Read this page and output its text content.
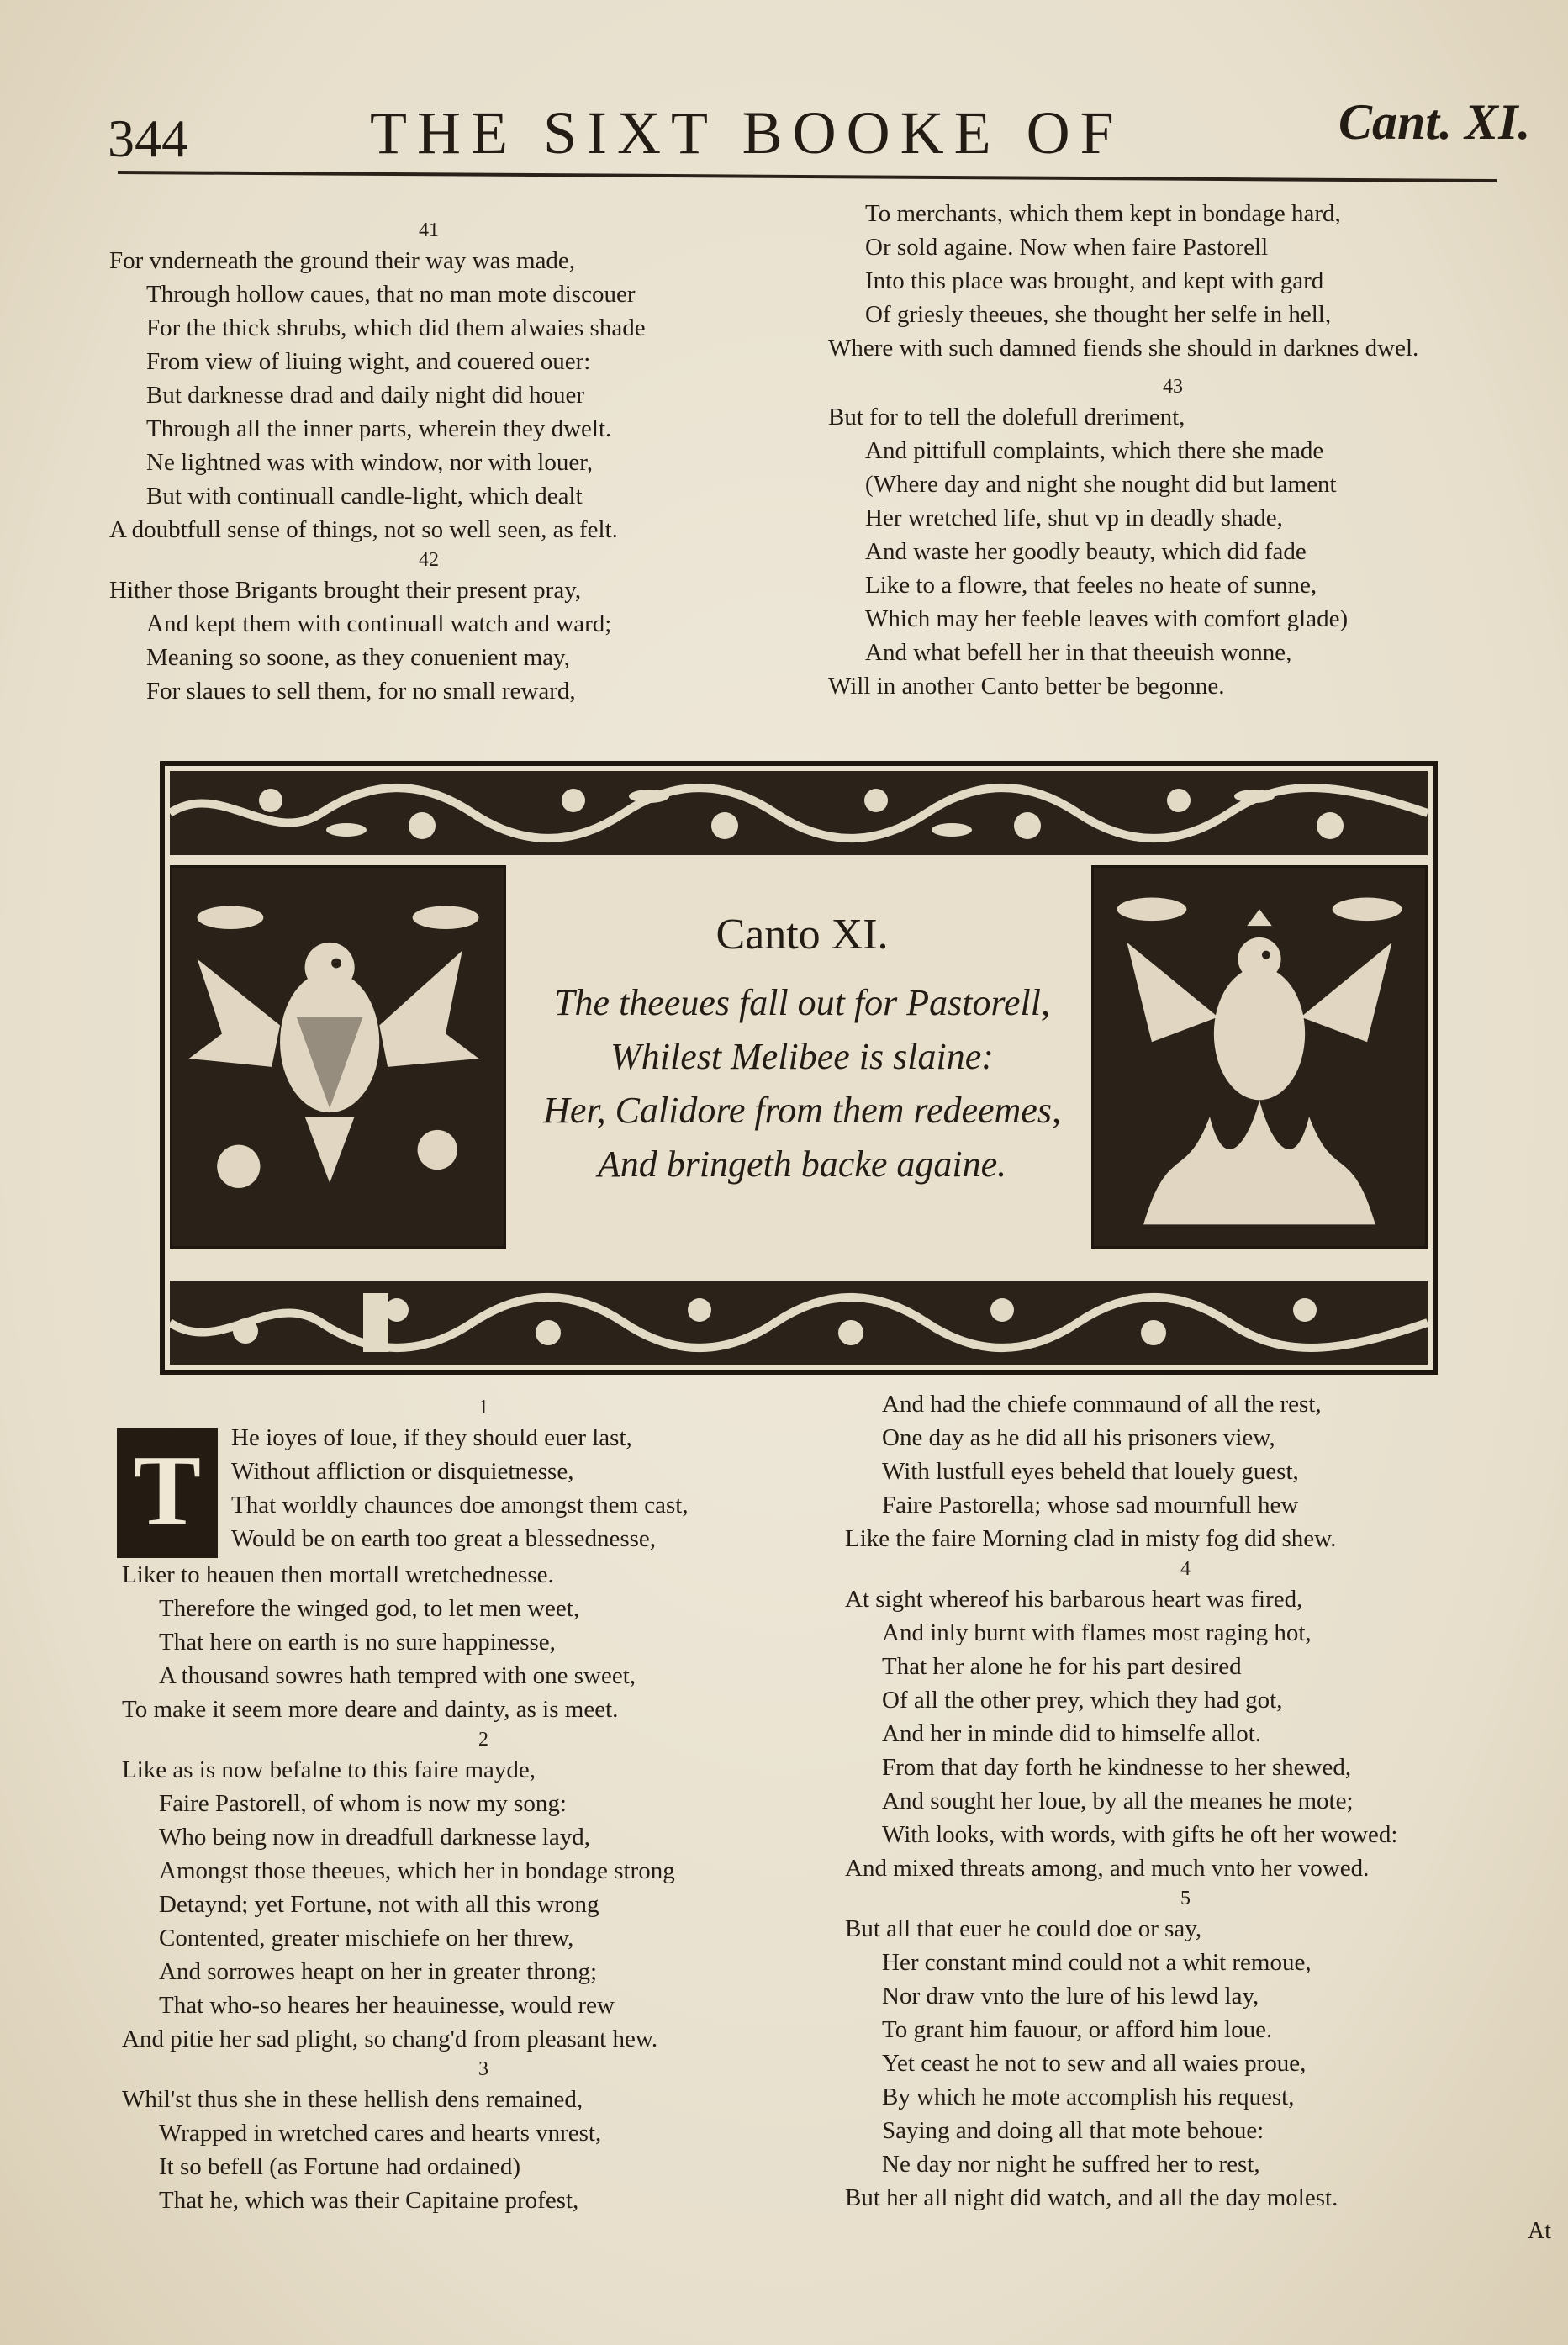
344	THE SIXT BOOKE OF	Cant. XI.
41
For vnderneath the ground their way was made,
Through hollow caues, that no man mote discouer
For the thick shrubs, which did them alwaies shade
From view of liuing wight, and couered ouer:
But darknesse drad and daily night did houer
Through all the inner parts, wherein they dwelt.
Ne lightned was with window, nor with louer,
But with continuall candle-light, which dealt
A doubtfull sense of things, not so well seen, as felt.
42
Hither those Brigants brought their present pray,
And kept them with continuall watch and ward;
Meaning so soone, as they conuenient may,
For slaues to sell them, for no small reward,
To merchants, which them kept in bondage hard,
Or sold againe. Now when faire Pastorell
Into this place was brought, and kept with gard
Of griesly theeues, she thought her selfe in hell,
Where with such damned fiends she should in darknes dwel.
43
But for to tell the dolefull dreriment,
And pittifull complaints, which there she made
(Where day and night she nought did but lament
Her wretched life, shut vp in deadly shade,
And waste her goodly beauty, which did fade
Like to a flowre, that feeles no heate of sunne,
Which may her feeble leaves with comfort glade)
And what befell her in that theeuish wonne,
Will in another Canto better be begonne.
Canto XI.
The theeues fall out for Pastorell,
Whilest Melibee is slaine:
Her, Calidore from them redeemes,
And bringeth backe againe.
1
T	He ioyes of loue, if they should euer last,
Without affliction or disquietnesse,
That worldly chaunces doe amongst them cast,
Would be on earth too great a blessednesse,
Liker to heauen then mortall wretchednesse.
Therefore the winged god, to let men weet,
That here on earth is no sure happinesse,
A thousand sowres hath tempred with one sweet,
To make it seem more deare and dainty, as is meet.
2
Like as is now befalne to this faire mayde,
Faire Pastorell, of whom is now my song:
Who being now in dreadfull darknesse layd,
Amongst those theeues, which her in bondage strong
Detaynd; yet Fortune, not with all this wrong
Contented, greater mischiefe on her threw,
And sorrowes heapt on her in greater throng;
That who-so heares her heauinesse, would rew
And pitie her sad plight, so chang'd from pleasant hew.
3
Whil'st thus she in these hellish dens remained,
Wrapped in wretched cares and hearts vnrest,
It so befell (as Fortune had ordained)
That he, which was their Capitaine profest,
And had the chiefe commaund of all the rest,
One day as he did all his prisoners view,
With lustfull eyes beheld that louely guest,
Faire Pastorella; whose sad mournfull hew
Like the faire Morning clad in misty fog did shew.
4
At sight whereof his barbarous heart was fired,
And inly burnt with flames most raging hot,
That her alone he for his part desired
Of all the other prey, which they had got,
And her in minde did to himselfe allot.
From that day forth he kindnesse to her shewed,
And sought her loue, by all the meanes he mote;
With looks, with words, with gifts he oft her wowed:
And mixed threats among, and much vnto her vowed.
5
But all that euer he could doe or say,
Her constant mind could not a whit remoue,
Nor draw vnto the lure of his lewd lay,
To grant him fauour, or afford him loue.
Yet ceast he not to sew and all waies proue,
By which he mote accomplish his request,
Saying and doing all that mote behoue:
Ne day nor night he suffred her to rest,
But her all night did watch, and all the day molest.
At
